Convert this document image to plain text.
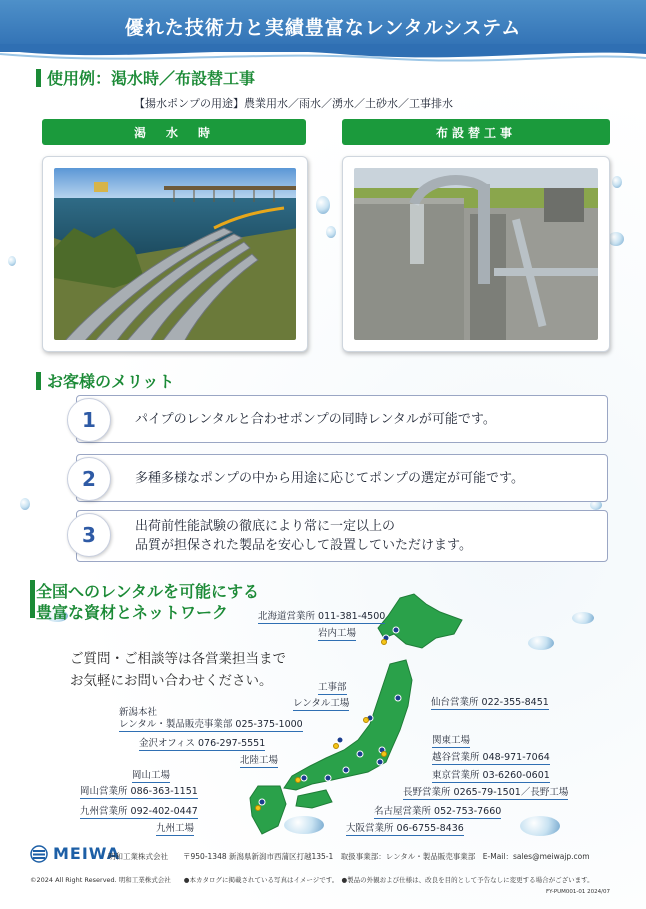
優れた技術力と実績豊富なレンタルシステム
使用例：渇水時／布設替工事
【揚水ポンプの用途】農業用水／雨水／湧水／土砂水／工事排水
渇　水　時	布設替工事
お客様のメリット
1	パイプのレンタルと合わせポンプの同時レンタルが可能です。
2	多種多様なポンプの中から用途に応じてポンプの選定が可能です。
3	出荷前性能試験の徹底により常に一定以上の
品質が担保された製品を安心して設置していただけます。
全国へのレンタルを可能にする
豊富な資材とネットワーク
ご質問・ご相談等は各営業担当まで
お気軽にお問い合わせください。
北海道営業所 011-381-4500
岩内工場
工事部
レンタル工場
新潟本社
レンタル・製品販売事業部 025-375-1000
仙台営業所 022-355-8451
金沢オフィス 076-297-5551	関東工場
北陸工場	越谷営業所 048-971-7064
岡山工場	東京営業所 03-6260-0601
岡山営業所 086-363-1151	長野営業所 0265-79-1501／長野工場
九州営業所 092-402-0447	名古屋営業所 052-753-7660
九州工場	大阪営業所 06-6755-8436
MEIWA
明和工業株式会社　　〒950-1348 新潟県新潟市西蒲区打越135-1　取扱事業部：レンタル・製品販売事業部　E-Mail：sales@meiwajp.com
©2024 All Right Reserved. 明和工業株式会社　　●本カタログに掲載されている写真はイメージです。　●製品の外観および仕様は、改良を目的として予告なしに変更する場合がございます。
FY-PUM001-01 2024/07
